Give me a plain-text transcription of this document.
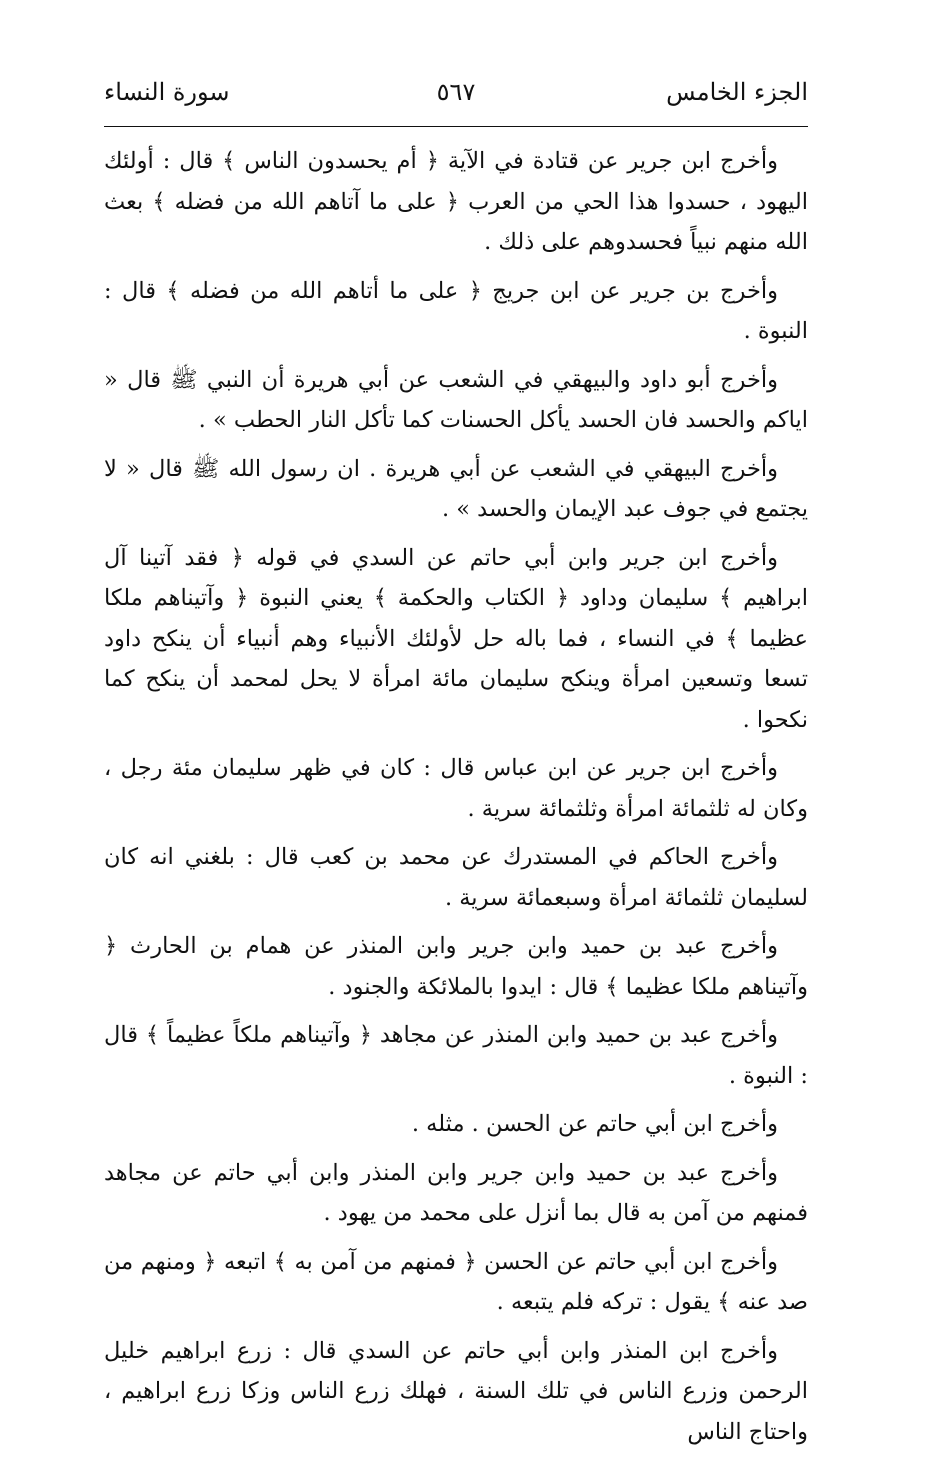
الجزء الخامس
٥٦٧
سورة النساء

وأخرج ابن جرير عن قتادة في الآية ﴿ أم يحسدون الناس ﴾ قال : أولئك اليهود ، حسدوا هذا الحي من العرب ﴿ على ما آتاهم الله من فضله ﴾ بعث الله منهم نبياً فحسدوهم على ذلك .

وأخرج بن جرير عن ابن جريج ﴿ على ما أتاهم الله من فضله ﴾ قال : النبوة .

وأخرج أبو داود والبيهقي في الشعب عن أبي هريرة أن النبي ﷺ قال « اياكم والحسد فان الحسد يأكل الحسنات كما تأكل النار الحطب » .

وأخرج البيهقي في الشعب عن أبي هريرة . ان رسول الله ﷺ قال « لا يجتمع في جوف عبد الإيمان والحسد » .

وأخرج ابن جرير وابن أبي حاتم عن السدي في قوله ﴿ فقد آتينا آل ابراهيم ﴾ سليمان وداود ﴿ الكتاب والحكمة ﴾ يعني النبوة ﴿ وآتيناهم ملكا عظيما ﴾ في النساء ، فما باله حل لأولئك الأنبياء وهم أنبياء أن ينكح داود تسعا وتسعين امرأة وينكح سليمان مائة امرأة لا يحل لمحمد أن ينكح كما نكحوا .

وأخرج ابن جرير عن ابن عباس قال : كان في ظهر سليمان مئة رجل ، وكان له ثلثمائة امرأة وثلثمائة سرية .

وأخرج الحاكم في المستدرك عن محمد بن كعب قال : بلغني انه كان لسليمان ثلثمائة امرأة وسبعمائة سرية .

وأخرج عبد بن حميد وابن جرير وابن المنذر عن همام بن الحارث ﴿ وآتيناهم ملكا عظيما ﴾ قال : ايدوا بالملائكة والجنود .

وأخرج عبد بن حميد وابن المنذر عن مجاهد ﴿ وآتيناهم ملكاً عظيماً ﴾ قال : النبوة .

وأخرج ابن أبي حاتم عن الحسن . مثله .

وأخرج عبد بن حميد وابن جرير وابن المنذر وابن أبي حاتم عن مجاهد فمنهم من آمن به قال بما أنزل على محمد من يهود .

وأخرج ابن أبي حاتم عن الحسن ﴿ فمنهم من آمن به ﴾ اتبعه ﴿ ومنهم من صد عنه ﴾ يقول : تركه فلم يتبعه .

وأخرج ابن المنذر وابن أبي حاتم عن السدي قال : زرع ابراهيم خليل الرحمن وزرع الناس في تلك السنة ، فهلك زرع الناس وزكا زرع ابراهيم ، واحتاج الناس
